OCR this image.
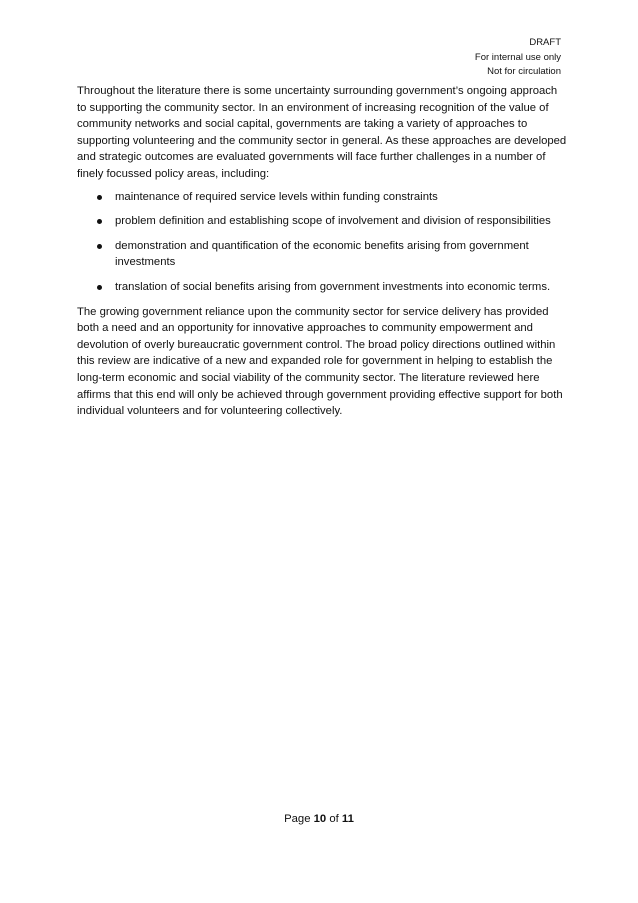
DRAFT
For internal use only
Not for circulation

Throughout the literature there is some uncertainty surrounding government’s ongoing approach to supporting the community sector. In an environment of increasing recognition of the value of community networks and social capital, governments are taking a variety of approaches to supporting volunteering and the community sector in general. As these approaches are developed and strategic outcomes are evaluated governments will face further challenges in a number of finely focussed policy areas, including:

maintenance of required service levels within funding constraints
problem definition and establishing scope of involvement and division of responsibilities
demonstration and quantification of the economic benefits arising from government investments
translation of social benefits arising from government investments into economic terms.

The growing government reliance upon the community sector for service delivery has provided both a need and an opportunity for innovative approaches to community empowerment and devolution of overly bureaucratic government control. The broad policy directions outlined within this review are indicative of a new and expanded role for government in helping to establish the long-term economic and social viability of the community sector. The literature reviewed here affirms that this end will only be achieved through government providing effective support for both individual volunteers and for volunteering collectively.

Page 10 of 11
